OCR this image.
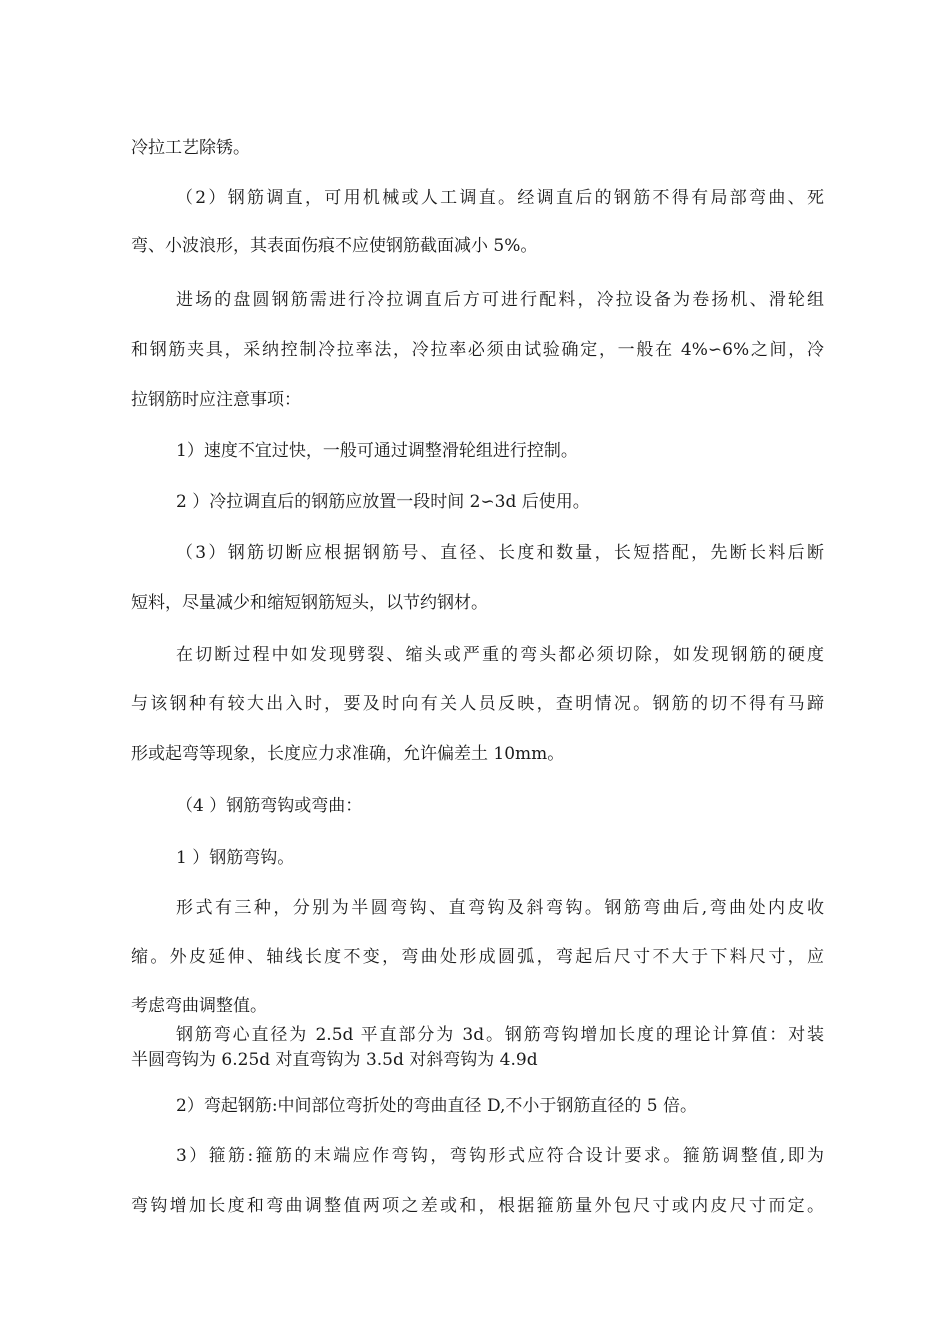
冷拉工艺除锈。

（2）钢筋调直，可用机械或人工调直。经调直后的钢筋不得有局部弯曲、死

弯、小波浪形，其表面伤痕不应使钢筋截面减小 5%。

进场的盘圆钢筋需进行冷拉调直后方可进行配料，冷拉设备为卷扬机、滑轮组

和钢筋夹具，采纳控制冷拉率法，冷拉率必须由试验确定，一般在 4%∽6%之间，冷

拉钢筋时应注意事项：

1）速度不宜过快，一般可通过调整滑轮组进行控制。

2 ）冷拉调直后的钢筋应放置一段时间 2∽3d 后使用。

（3）钢筋切断应根据钢筋号、直径、长度和数量，长短搭配，先断长料后断

短料，尽量减少和缩短钢筋短头，以节约钢材。

在切断过程中如发现劈裂、缩头或严重的弯头都必须切除，如发现钢筋的硬度

与该钢种有较大出入时，要及时向有关人员反映，查明情况。钢筋的切不得有马蹄

形或起弯等现象，长度应力求准确，允许偏差土 10mm。

（4 ）钢筋弯钩或弯曲：

1 ）钢筋弯钩。

形式有三种，分别为半圆弯钩、直弯钩及斜弯钩。钢筋弯曲后,弯曲处内皮收

缩。外皮延伸、轴线长度不变，弯曲处形成圆弧，弯起后尺寸不大于下料尺寸，应

考虑弯曲调整值。

钢筋弯心直径为 2.5d 平直部分为 3d。钢筋弯钩增加长度的理论计算值：对装

半圆弯钩为 6.25d 对直弯钩为 3.5d 对斜弯钩为 4.9d

2）弯起钢筋:中间部位弯折处的弯曲直径 D,不小于钢筋直径的 5 倍。

3）箍筋:箍筋的末端应作弯钩，弯钩形式应符合设计要求。箍筋调整值,即为

弯钩增加长度和弯曲调整值两项之差或和，根据箍筋量外包尺寸或内皮尺寸而定。
